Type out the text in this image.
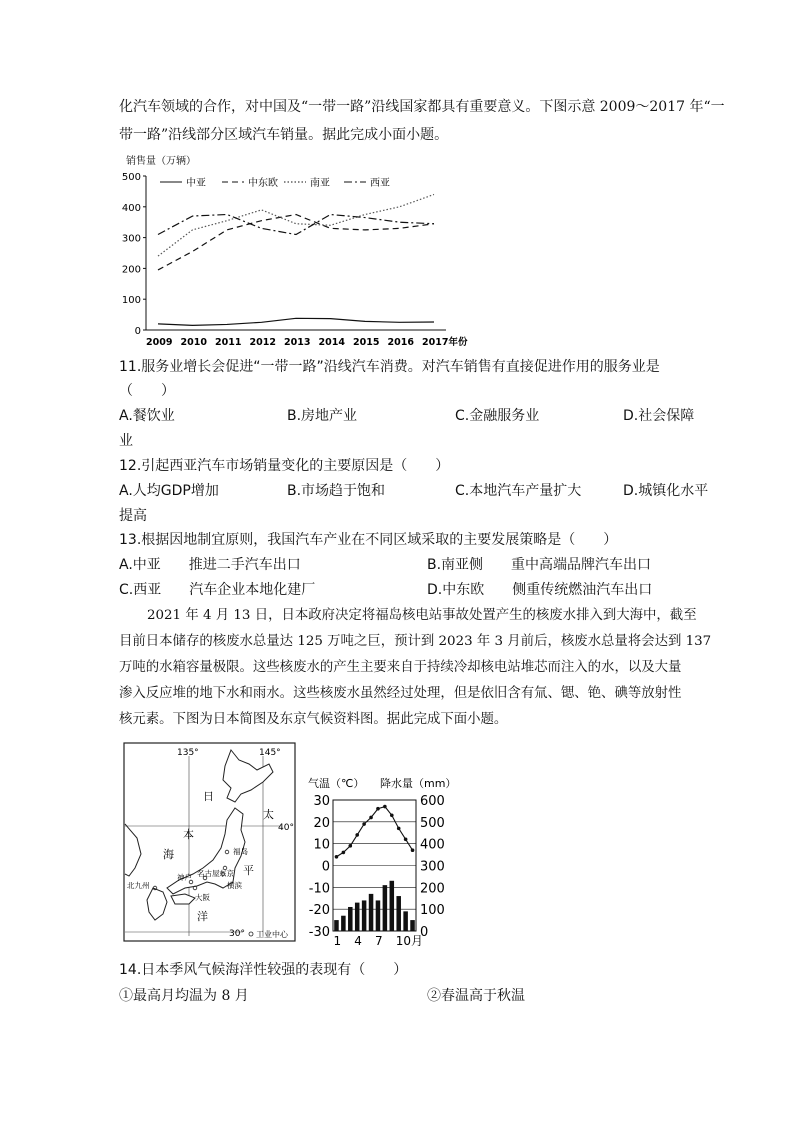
化汽车领域的合作，对中国及“一带一路”沿线国家都具有重要意义。下图示意 2009～2017 年“一
带一路”沿线部分区域汽车销量。据此完成小面小题。
销售量（万辆）
0
100
200
300
400
500
2009 2010 2011 2012 2013 2014 2015 2016 2017年份
中亚	中东欧	南亚	西亚
11.服务业增长会促进“一带一路”沿线汽车消费。对汽车销售有直接促进作用的服务业是
（　　）
A.餐饮业	B.房地产业	C.金融服务业	D.社会保障
业
12.引起西亚汽车市场销量变化的主要原因是（　　）
A.人均GDP增加	B.市场趋于饱和	C.本地汽车产量扩大	D.城镇化水平
提高
13.根据因地制宜原则，我国汽车产业在不同区域采取的主要发展策略是（　　）
A.中亚　　推进二手汽车出口	B.南亚侧　　重中高端品牌汽车出口
C.西亚　　汽车企业本地化建厂	D.中东欧　　侧重传统燃油汽车出口
2021 年 4 月 13 日，日本政府决定将福岛核电站事故处置产生的核废水排入到大海中，截至
目前日本储存的核废水总量达 125 万吨之巨，预计到 2023 年 3 月前后，核废水总量将会达到 137
万吨的水箱容量极限。这些核废水的产生主要来自于持续冷却核电站堆芯而注入的水，以及大量
渗入反应堆的地下水和雨水。这些核废水虽然经过处理，但是依旧含有氚、锶、铯、碘等放射性
核元素。下图为日本简图及东京气候资料图。据此完成下面小题。
135°	145°
40°
30°
日
本
海
太
平
洋
福岛
东京
名古屋
神户
大阪
横滨
北九州
工业中心
气温（℃） 降水量（mm）
30
20
10
0
-10
-20
-30
600
500
400
300
200
100
0
1 4 7 10月
14.日本季风气候海洋性较强的表现有（　　）
①最高月均温为 8 月	②春温高于秋温
